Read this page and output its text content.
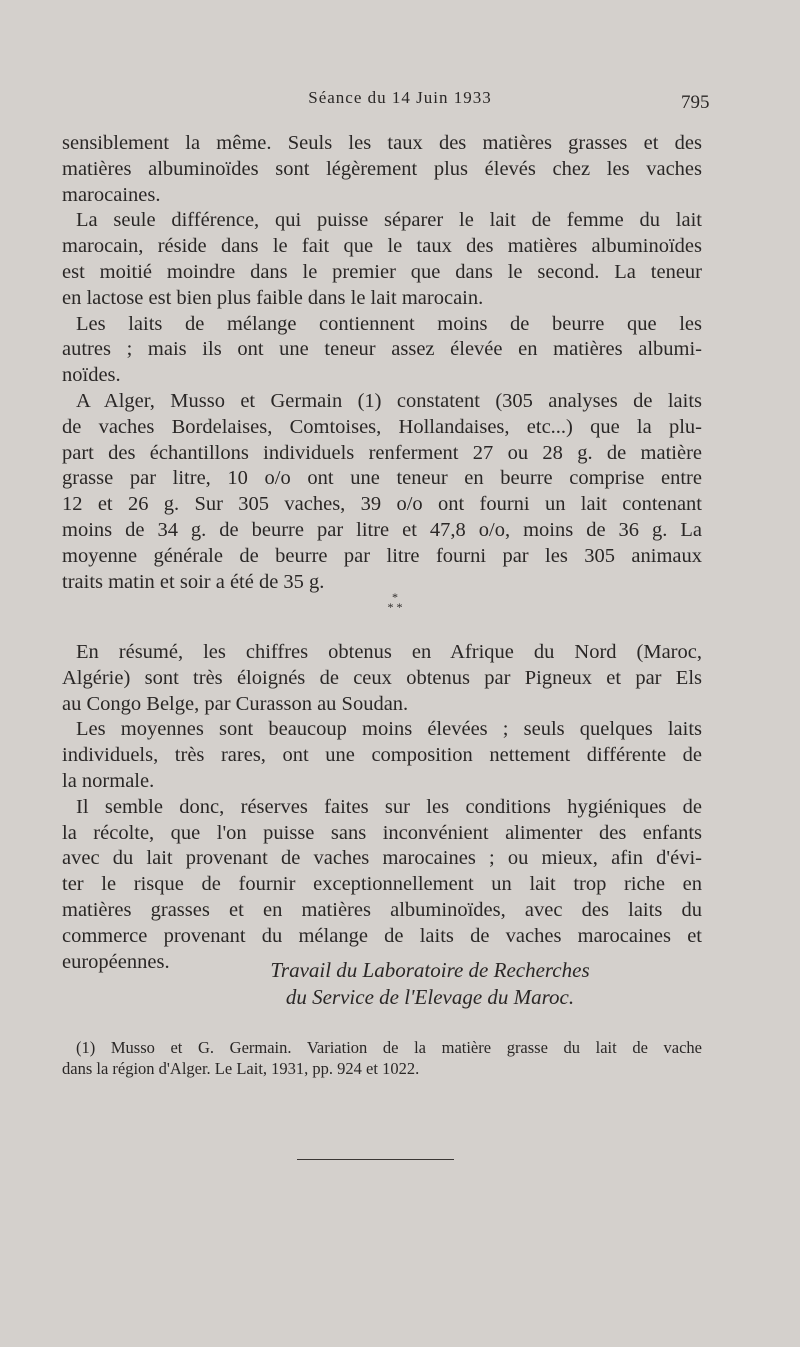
Séance du 14 Juin 1933	795
sensiblement la même. Seuls les taux des matières grasses et des
matières albuminoïdes sont légèrement plus élevés chez les vaches
marocaines.
La seule différence, qui puisse séparer le lait de femme du lait
marocain, réside dans le fait que le taux des matières albuminoïdes
est moitié moindre dans le premier que dans le second. La teneur
en lactose est bien plus faible dans le lait marocain.
Les laits de mélange contiennent moins de beurre que les
autres ; mais ils ont une teneur assez élevée en matières albumi-
noïdes.
A Alger, Musso et Germain (1) constatent (305 analyses de laits
de vaches Bordelaises, Comtoises, Hollandaises, etc...) que la plu-
part des échantillons individuels renferment 27 ou 28 g. de matière
grasse par litre, 10 o/o ont une teneur en beurre comprise entre
12 et 26 g. Sur 305 vaches, 39 o/o ont fourni un lait contenant
moins de 34 g. de beurre par litre et 47,8 o/o, moins de 36 g. La
moyenne générale de beurre par litre fourni par les 305 animaux
traits matin et soir a été de 35 g.
*
* *
En résumé, les chiffres obtenus en Afrique du Nord (Maroc,
Algérie) sont très éloignés de ceux obtenus par Pigneux et par Els
au Congo Belge, par Curasson au Soudan.
Les moyennes sont beaucoup moins élevées ; seuls quelques laits
individuels, très rares, ont une composition nettement différente de
la normale.
Il semble donc, réserves faites sur les conditions hygiéniques de
la récolte, que l'on puisse sans inconvénient alimenter des enfants
avec du lait provenant de vaches marocaines ; ou mieux, afin d'évi-
ter le risque de fournir exceptionnellement un lait trop riche en
matières grasses et en matières albuminoïdes, avec des laits du
commerce provenant du mélange de laits de vaches marocaines et
européennes.	Travail du Laboratoire de Recherches
du Service de l'Elevage du Maroc.
(1) Musso et G. Germain. Variation de la matière grasse du lait de vache
dans la région d'Alger. Le Lait, 1931, pp. 924 et 1022.
